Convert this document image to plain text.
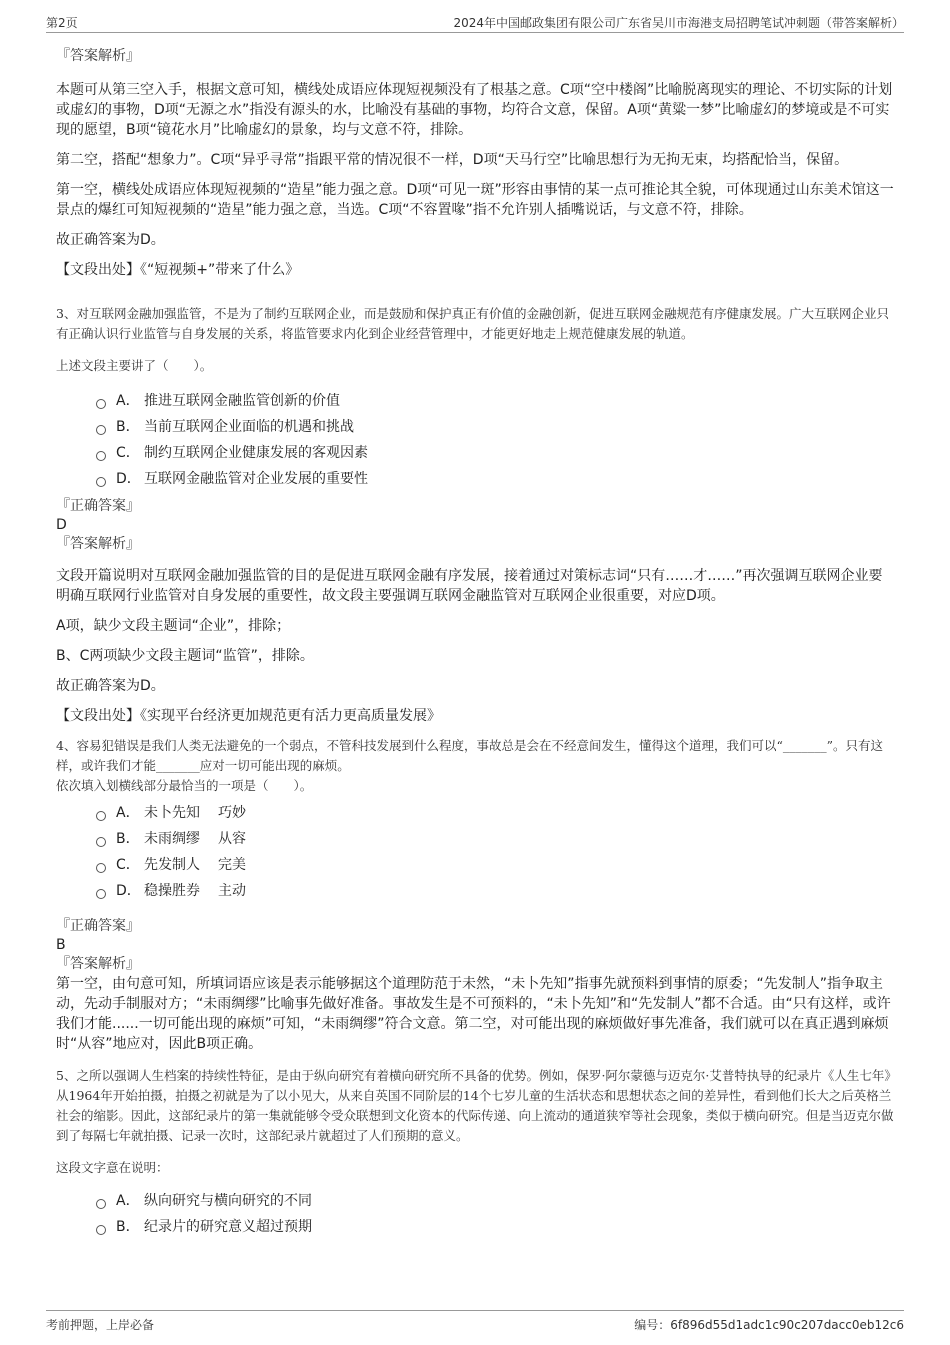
第2页	2024年中国邮政集团有限公司广东省吴川市海港支局招聘笔试冲刺题（带答案解析）
『答案解析』

本题可从第三空入手，根据文意可知，横线处成语应体现短视频没有了根基之意。C项“空中楼阁”比喻脱离现实的理论、不切实际的计划或虚幻的事物，D项“无源之水”指没有源头的水，比喻没有基础的事物，均符合文意，保留。A项“黄粱一梦”比喻虚幻的梦境或是不可实现的愿望，B项“镜花水月”比喻虚幻的景象，均与文意不符，排除。

第二空，搭配“想象力”。C项“异乎寻常”指跟平常的情况很不一样，D项“天马行空”比喻思想行为无拘无束，均搭配恰当，保留。

第一空，横线处成语应体现短视频的“造星”能力强之意。D项“可见一斑”形容由事情的某一点可推论其全貌，可体现通过山东美术馆这一景点的爆红可知短视频的“造星”能力强之意，当选。C项“不容置喙”指不允许别人插嘴说话，与文意不符，排除。

故正确答案为D。

【文段出处】《“短视频+”带来了什么》

3、对互联网金融加强监管，不是为了制约互联网企业，而是鼓励和保护真正有价值的金融创新，促进互联网金融规范有序健康发展。广大互联网企业只有正确认识行业监管与自身发展的关系，将监管要求内化到企业经营管理中，才能更好地走上规范健康发展的轨道。

上述文段主要讲了（　　）。

A． 推进互联网金融监管创新的价值
B． 当前互联网企业面临的机遇和挑战
C． 制约互联网企业健康发展的客观因素
D． 互联网金融监管对企业发展的重要性
『正确答案』
D
『答案解析』

文段开篇说明对互联网金融加强监管的目的是促进互联网金融有序发展，接着通过对策标志词“只有……才……”再次强调互联网企业要明确互联网行业监管对自身发展的重要性，故文段主要强调互联网金融监管对互联网企业很重要，对应D项。

A项，缺少文段主题词“企业”，排除；

B、C两项缺少文段主题词“监管”，排除。

故正确答案为D。

【文段出处】《实现平台经济更加规范更有活力更高质量发展》

4、容易犯错误是我们人类无法避免的一个弱点，不管科技发展到什么程度，事故总是会在不经意间发生，懂得这个道理，我们可以“_______”。只有这样，或许我们才能_______应对一切可能出现的麻烦。

依次填入划横线部分最恰当的一项是（　　）。

A． 未卜先知 巧妙
B． 未雨绸缪 从容
C． 先发制人 完美
D． 稳操胜券 主动
『正确答案』
B
『答案解析』

第一空，由句意可知，所填词语应该是表示能够据这个道理防范于未然，“未卜先知”指事先就预料到事情的原委；“先发制人”指争取主动，先动手制服对方；“未雨绸缪”比喻事先做好准备。事故发生是不可预料的，“未卜先知”和“先发制人”都不合适。由“只有这样，或许我们才能......一切可能出现的麻烦”可知，“未雨绸缪”符合文意。第二空，对可能出现的麻烦做好事先准备，我们就可以在真正遇到麻烦时“从容”地应对，因此B项正确。

5、之所以强调人生档案的持续性特征，是由于纵向研究有着横向研究所不具备的优势。例如，保罗·阿尔蒙德与迈克尔·艾普特执导的纪录片《人生七年》从1964年开始拍摄，拍摄之初就是为了以小见大，从来自英国不同阶层的14个七岁儿童的生活状态和思想状态之间的差异性，看到他们长大之后英格兰社会的缩影。因此，这部纪录片的第一集就能够令受众联想到文化资本的代际传递、向上流动的通道狭窄等社会现象，类似于横向研究。但是当迈克尔做到了每隔七年就拍摄、记录一次时，这部纪录片就超过了人们预期的意义。

这段文字意在说明：

A． 纵向研究与横向研究的不同
B． 纪录片的研究意义超过预期
考前押题，上岸必备	编号：6f896d55d1adc1c90c207dacc0eb12c6
